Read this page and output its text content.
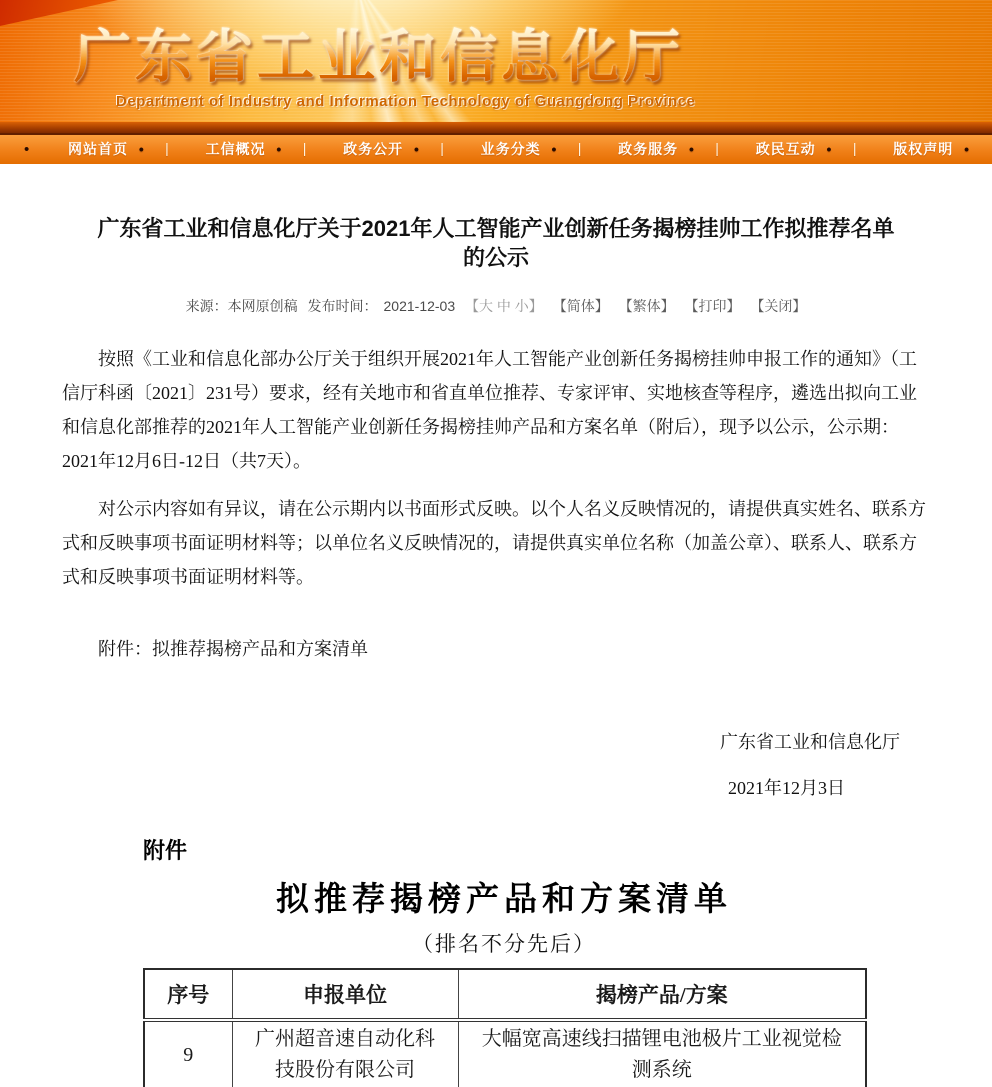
广东省工业和信息化厅
Department of Industry and Information Technology of Guangdong Province
•	• 网站首页 |	• 工信概况 |	• 政务公开 |	• 业务分类 |	• 政务服务 |	• 政民互动 |	• 版权声明
广东省工业和信息化厅关于2021年人工智能产业创新任务揭榜挂帅工作拟推荐名单的公示
来源：本网原创稿 发布时间： 2021-12-03 【大 中 小】 【简体】 【繁体】 【打印】 【关闭】

按照《工业和信息化部办公厅关于组织开展2021年人工智能产业创新任务揭榜挂帅申报工作的通知》（工信厅科函〔2021〕231号）要求，经有关地市和省直单位推荐、专家评审、实地核查等程序，遴选出拟向工业和信息化部推荐的2021年人工智能产业创新任务揭榜挂帅产品和方案名单（附后），现予以公示，公示期：2021年12月6日-12日（共7天）。

对公示内容如有异议，请在公示期内以书面形式反映。以个人名义反映情况的，请提供真实姓名、联系方式和反映事项书面证明材料等；以单位名义反映情况的，请提供真实单位名称（加盖公章）、联系人、联系方式和反映事项书面证明材料等。

附件：拟推荐揭榜产品和方案清单
广东省工业和信息化厅
2021年12月3日
附件
拟推荐揭榜产品和方案清单
（排名不分先后）
序号	申报单位	揭榜产品/方案
9	广州超音速自动化科技股份有限公司	大幅宽高速线扫描锂电池极片工业视觉检测系统
